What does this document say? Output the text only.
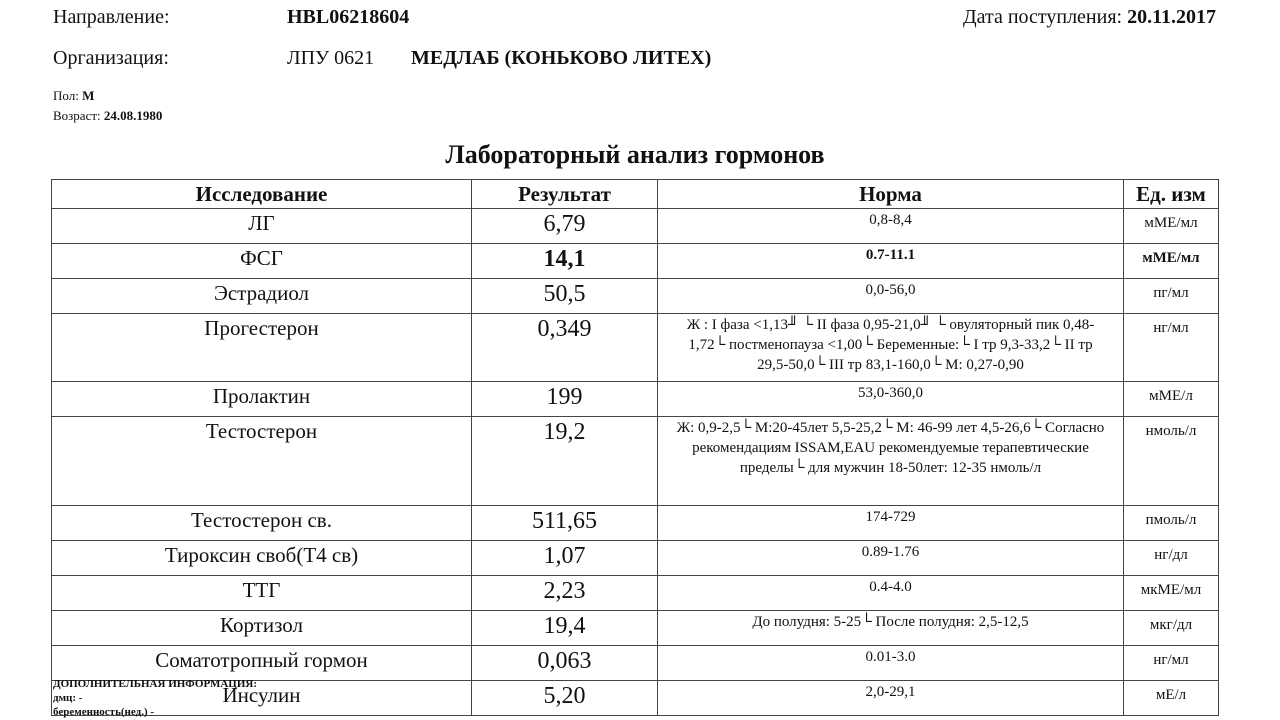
Направление:	HBL06218604	Дата поступления: 20.11.2017
Организация:	ЛПУ 0621 МЕДЛАБ (КОНЬКОВО ЛИТЕХ)
Пол: М
Возраст: 24.08.1980
Лабораторный анализ гормонов
Исследование	Результат	Норма	Ед. изм
ЛГ	6,79	0,8-8,4	мМЕ/мл
ФСГ	14,1	0.7-11.1	мМЕ/мл
Эстрадиол	50,5	0,0-56,0	пг/мл
Прогестерон	0,349	Ж : I фаза <1,13╜ └ II фаза 0,95-21,0╜ └ овуляторный пик 0,48-1,72└ постменопауза <1,00└ Беременные:└ I тр 9,3-33,2└ II тр 29,5-50,0└ III тр 83,1-160,0└ М: 0,27-0,90	нг/мл
Пролактин	199	53,0-360,0	мМЕ/л
Тестостерон	19,2	Ж: 0,9-2,5└ М:20-45лет 5,5-25,2└ М: 46-99 лет 4,5-26,6└ Согласно рекомендациям ISSAM,EAU рекомендуемые терапевтические пределы└ для мужчин 18-50лет: 12-35 нмоль/л	нмоль/л
Тестостерон св.	511,65	174-729	пмоль/л
Тироксин своб(Т4 св)	1,07	0.89-1.76	нг/дл
ТТГ	2,23	0.4-4.0	мкМЕ/мл
Кортизол	19,4	До полудня: 5-25└ После полудня: 2,5-12,5	мкг/дл
Соматотропный гормон	0,063	0.01-3.0	нг/мл
Инсулин	5,20	2,0-29,1	мЕ/л
ДОПОЛНИТЕЛЬНАЯ ИНФОРМАЦИЯ:
дмц: -
беременность(нед.) -
